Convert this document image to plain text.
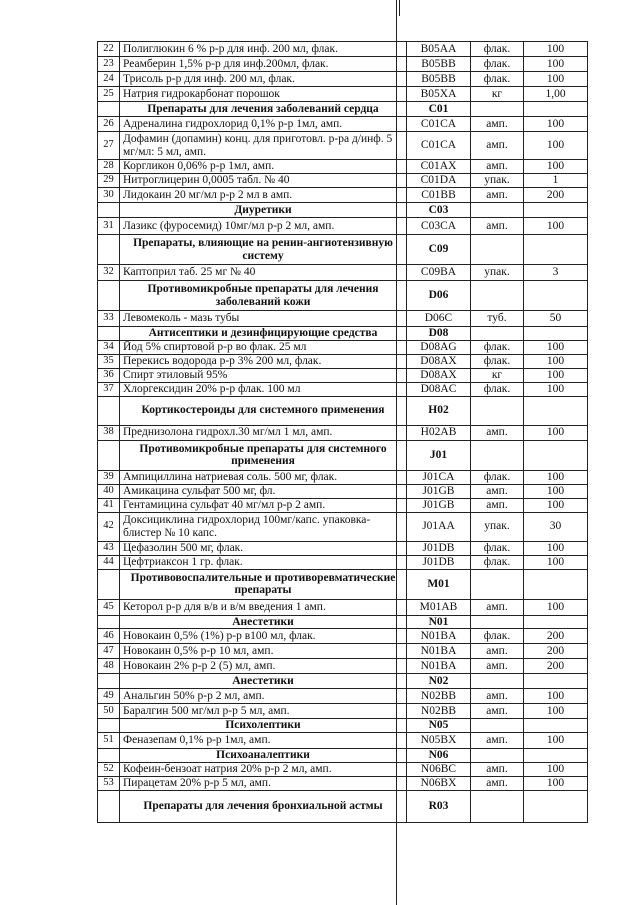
22	Полиглюкин 6 % р-р для инф. 200 мл, флак.	B05AA	флак.	100
23	Реамберин 1,5% р-р для инф.200мл, флак.	B05BB	флак.	100
24	Трисоль р-р для инф. 200 мл, флак.	B05BB	флак.	100
25	Натрия гидрокарбонат порошок	B05XA	кг	1,00
	Препараты для лечения заболеваний сердца	C01		
26	Адреналина гидрохлорид 0,1% р-р 1мл, амп.	C01CA	амп.	100
27	Дофамин (допамин) конц. для приготовл. р-ра д/инф. 5 мг/мл: 5 мл, амп.	C01CA	амп.	100
28	Коргликон 0,06% р-р 1мл, амп.	C01AX	амп.	100
29	Нитроглицерин 0,0005 табл. № 40	C01DA	упак.	1
30	Лидокаин 20 мг/мл р-р 2 мл в амп.	C01BB	амп.	200
	Диуретики	C03		
31	Лазикс (фуросемид) 10мг/мл р-р 2 мл, амп.	C03CA	амп.	100
	Препараты, влияющие на ренин-ангиотензивную систему	C09		
32	Каптоприл таб. 25 мг № 40	C09BA	упак.	3
	Противомикробные препараты для лечения заболеваний кожи	D06		
33	Левомеколь - мазь тубы	D06C	туб.	50
	Антисептики и дезинфицирующие средства	D08		
34	Йод 5% спиртовой р-р во флак. 25 мл	D08AG	флак.	100
35	Перекись водорода р-р 3% 200 мл, флак.	D08AX	флак.	100
36	Спирт этиловый 95%	D08AX	кг	100
37	Хлоргексидин 20% р-р флак. 100 мл	D08AC	флак.	100
	Кортикостероиды для системного применения	H02		
38	Преднизолона гидрохл.30 мг/мл 1 мл, амп.	H02AB	амп.	100
	Противомикробные препараты для системного применения	J01		
39	Ампициллина натриевая соль. 500 мг, флак.	J01CA	флак.	100
40	Амикацина сульфат 500 мг, фл.	J01GB	амп.	100
41	Гентамицина сульфат 40 мг/мл р-р 2 амп.	J01GB	амп.	100
42	Доксициклина гидрохлорид 100мг/капс. упаковка-блистер № 10 капс.	J01AA	упак.	30
43	Цефазолин 500 мг, флак.	J01DB	флак.	100
44	Цефтриаксон 1 гр. флак.	J01DB	флак.	100
	Противовоспалительные и противоревматические препараты	M01		
45	Кеторол р-р для в/в и в/м введения 1 амп.	M01AB	амп.	100
	Анестетики	N01		
46	Новокаин 0,5% (1%) р-р в100 мл, флак.	N01BA	флак.	200
47	Новокаин 0,5% р-р 10 мл, амп.	N01BA	амп.	200
48	Новокаин 2% р-р 2 (5) мл, амп.	N01BA	амп.	200
	Анестетики	N02		
49	Анальгин 50% р-р 2 мл, амп.	N02BB	амп.	100
50	Баралгин 500 мг/мл р-р 5 мл, амп.	N02BB	амп.	100
	Психолептики	N05		
51	Феназепам 0,1% р-р 1мл, амп.	N05BX	амп.	100
	Психоаналептики	N06		
52	Кофеин-бензоат натрия 20% р-р 2 мл, амп.	N06BC	амп.	100
53	Пирацетам 20% р-р 5 мл, амп.	N06BX	амп.	100
	Препараты для лечения бронхиальной астмы	R03		
